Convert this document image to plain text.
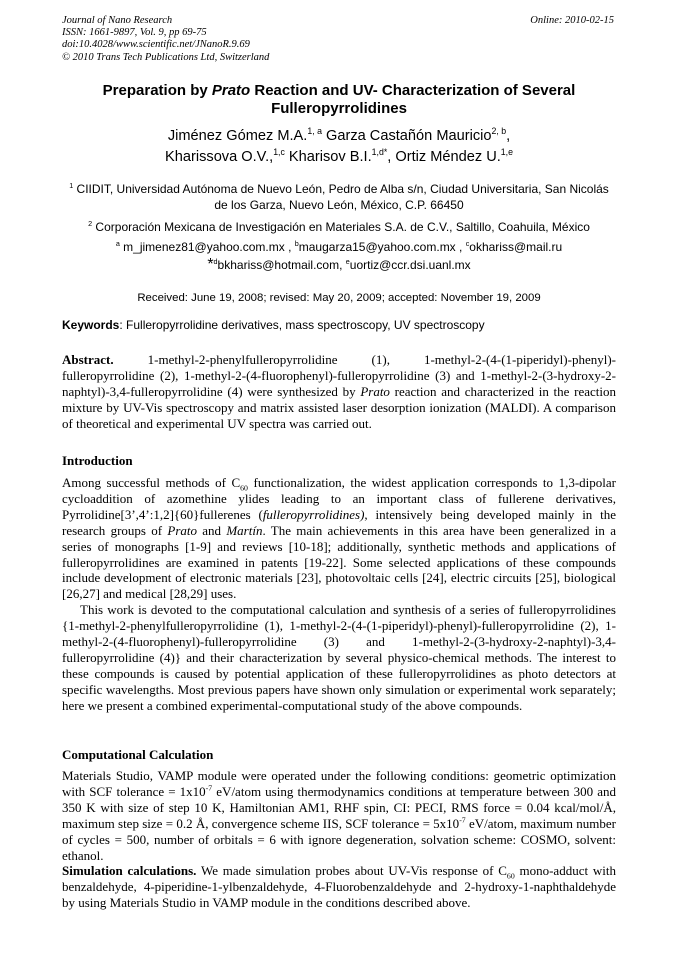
Journal of Nano Research
ISSN: 1661-9897, Vol. 9, pp 69-75
doi:10.4028/www.scientific.net/JNanoR.9.69
© 2010 Trans Tech Publications Ltd, Switzerland
Online: 2010-02-15
Preparation by Prato Reaction and UV- Characterization of Several Fulleropyrrolidines
Jiménez Gómez M.A.$^{1, a}$ Garza Castañón Mauricio$^{2, b}$,
Kharissova O.V.,$^{1,c}$ Kharisov B.I.$^{1,d*}$, Ortiz Méndez U.$^{1,e}$
$^1$ CIIDIT, Universidad Autónoma de Nuevo León, Pedro de Alba s/n, Ciudad Universitaria, San Nicolás de los Garza, Nuevo León, México, C.P. 66450
$^2$ Corporación Mexicana de Investigación en Materiales S.A. de C.V., Saltillo, Coahuila, México
$^a$ m_jimenez81@yahoo.com.mx , $^b$maugarza15@yahoo.com.mx , $^c$okhariss@mail.ru
*$^d$bkhariss@hotmail.com, $^e$uortiz@ccr.dsi.uanl.mx
Received: June 19, 2008; revised: May 20, 2009; accepted: November 19, 2009
Keywords: Fulleropyrrolidine derivatives, mass spectroscopy, UV spectroscopy

Abstract. 1-methyl-2-phenylfulleropyrrolidine (1), 1-methyl-2-(4-(1-piperidyl)-phenyl)-fulleropyrrolidine (2), 1-methyl-2-(4-fluorophenyl)-fulleropyrrolidine (3) and 1-methyl-2-(3-hydroxy-2-naphtyl)-3,4-fulleropyrrolidine (4) were synthesized by Prato reaction and characterized in the reaction mixture by UV-Vis spectroscopy and matrix assisted laser desorption ionization (MALDI). A comparison of theoretical and experimental UV spectra was carried out.

Introduction

Among successful methods of $C_{60}$ functionalization, the widest application corresponds to 1,3-dipolar cycloaddition of azomethine ylides leading to an important class of fullerene derivatives, Pyrrolidine[3’,4’:1,2]{60}fullerenes (fulleropyrrolidines), intensively being developed mainly in the research groups of Prato and Martín. The main achievements in this area have been generalized in a series of monographs [1-9] and reviews [10-18]; additionally, synthetic methods and applications of fulleropyrrolidines are examined in patents [19-22]. Some selected applications of these compounds include development of electronic materials [23], photovoltaic cells [24], electric circuits [25], biological [26,27] and medical [28,29] uses.

This work is devoted to the computational calculation and synthesis of a series of fulleropyrrolidines {1-methyl-2-phenylfulleropyrrolidine (1), 1-methyl-2-(4-(1-piperidyl)-phenyl)-fulleropyrrolidine (2), 1-methyl-2-(4-fluorophenyl)-fulleropyrrolidine (3) and 1-methyl-2-(3-hydroxy-2-naphtyl)-3,4-fulleropyrrolidine (4)} and their characterization by several physico-chemical methods. The interest to these compounds is caused by potential application of these fulleropyrrolidines as photo detectors at specific wavelengths. Most previous papers have shown only simulation or experimental work separately; here we present a combined experimental-computational study of the above compounds.

Computational Calculation

Materials Studio, VAMP module were operated under the following conditions: geometric optimization with SCF tolerance = $1x10^{-7}$ eV/atom using thermodynamics conditions at temperature between 300 and 350 K with size of step 10 K, Hamiltonian AM1, RHF spin, CI: PECI, RMS force = 0.04 kcal/mol/Å, maximum step size = 0.2 Å, convergence scheme IIS, SCF tolerance = $5x10^{-7}$ eV/atom, maximum number of cycles = 500, number of orbitals = 6 with ignore degeneration, solvation scheme: COSMO, solvent: ethanol.

Simulation calculations. We made simulation probes about UV-Vis response of $C_{60}$ mono-adduct with benzaldehyde, 4-piperidine-1-ylbenzaldehyde, 4-Fluorobenzaldehyde and 2-hydroxy-1-naphthaldehyde by using Materials Studio in VAMP module in the conditions described above.
